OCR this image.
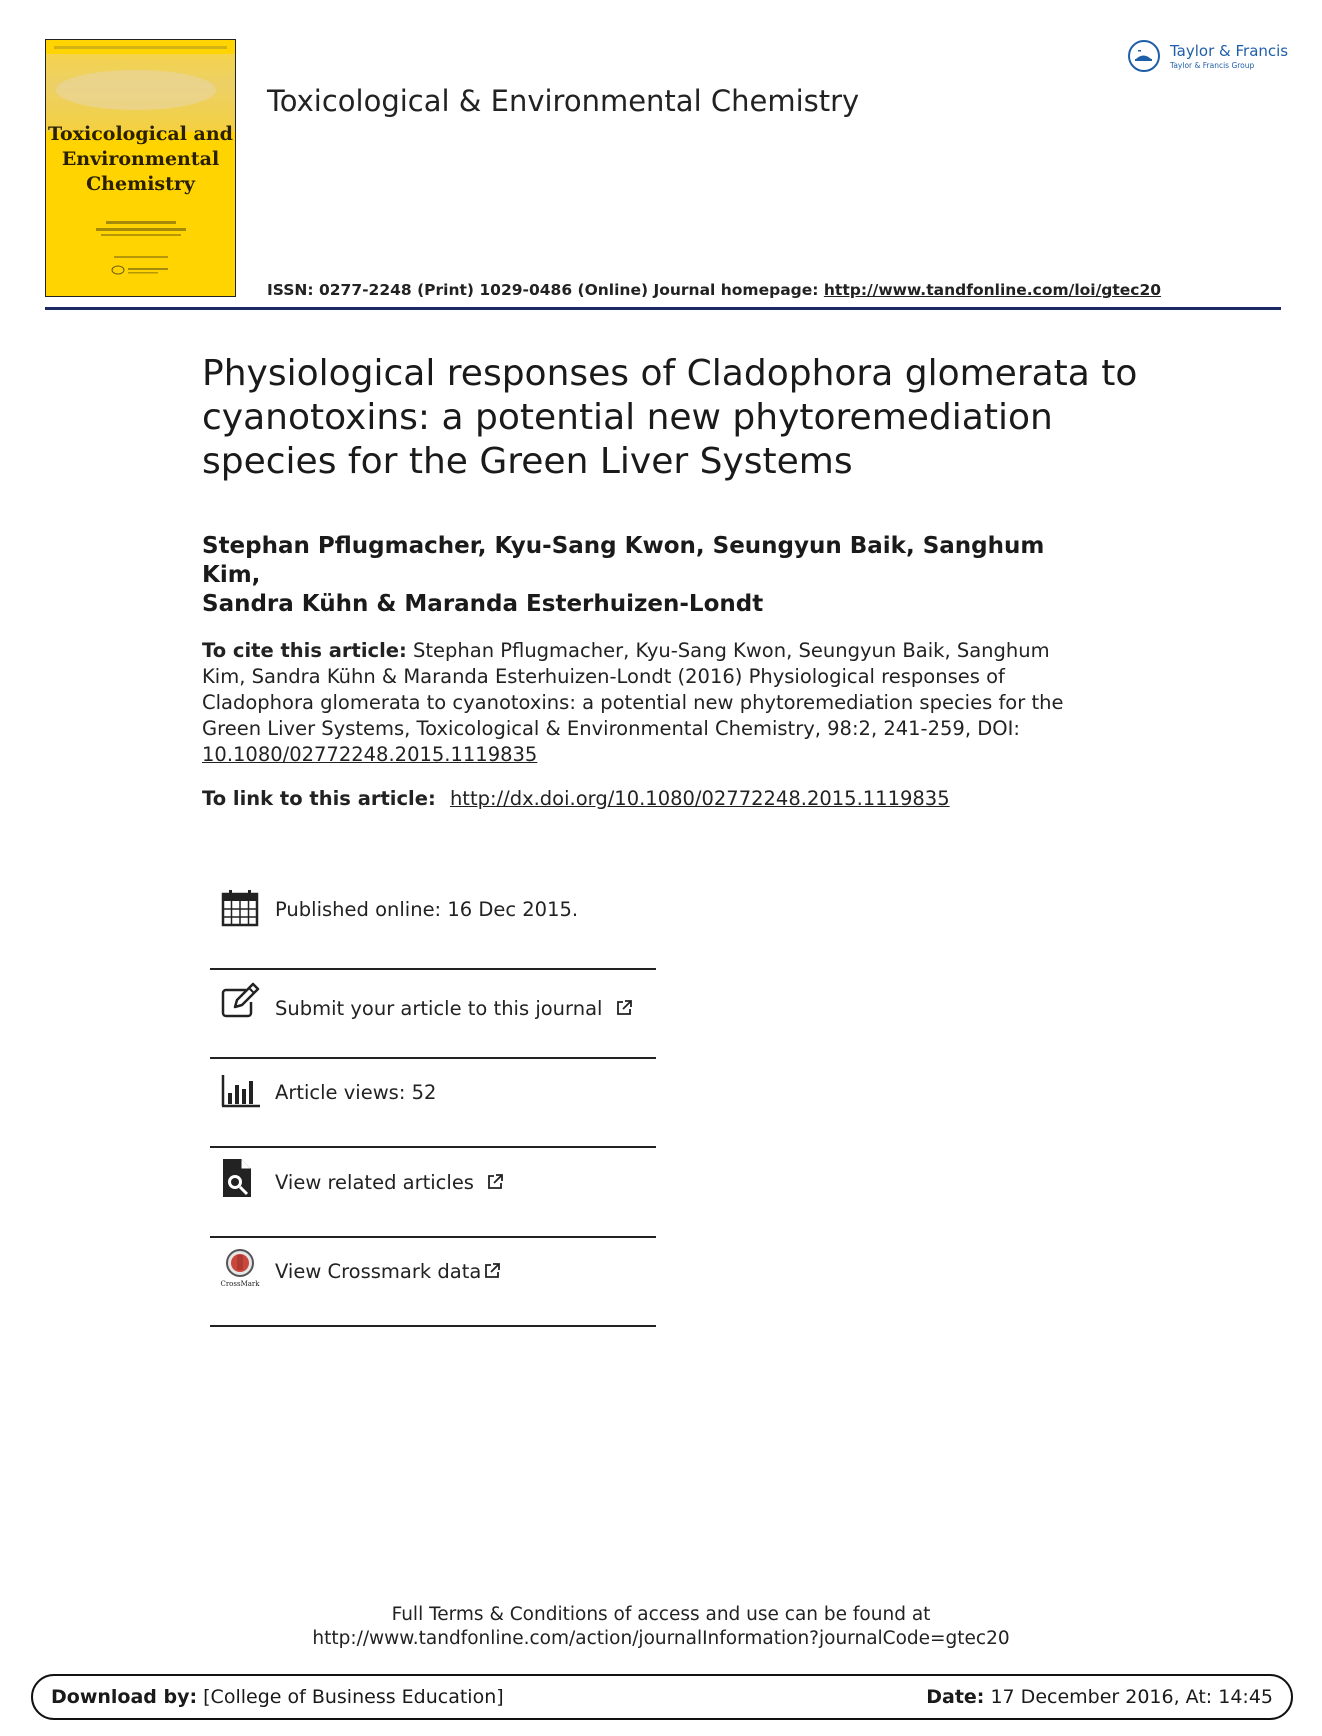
Toxicological and
Environmental
Chemistry
Toxicological & Environmental Chemistry
Taylor & Francis
Taylor & Francis Group
ISSN: 0277-2248 (Print) 1029-0486 (Online) Journal homepage: http://www.tandfonline.com/loi/gtec20
Physiological responses of Cladophora glomerata to cyanotoxins: a potential new phytoremediation species for the Green Liver Systems
Stephan Pflugmacher, Kyu-Sang Kwon, Seungyun Baik, Sanghum Kim,
Sandra Kühn & Maranda Esterhuizen-Londt
To cite this article: Stephan Pflugmacher, Kyu-Sang Kwon, Seungyun Baik, Sanghum Kim, Sandra Kühn & Maranda Esterhuizen-Londt (2016) Physiological responses of Cladophora glomerata to cyanotoxins: a potential new phytoremediation species for the Green Liver Systems, Toxicological & Environmental Chemistry, 98:2, 241-259, DOI: 10.1080/02772248.2015.1119835
To link to this article: http://dx.doi.org/10.1080/02772248.2015.1119835
Published online: 16 Dec 2015.
Submit your article to this journal
Article views: 52
View related articles
CrossMark
View Crossmark data
Full Terms & Conditions of access and use can be found at
http://www.tandfonline.com/action/journalInformation?journalCode=gtec20
Download by: [College of Business Education]	Date: 17 December 2016, At: 14:45
